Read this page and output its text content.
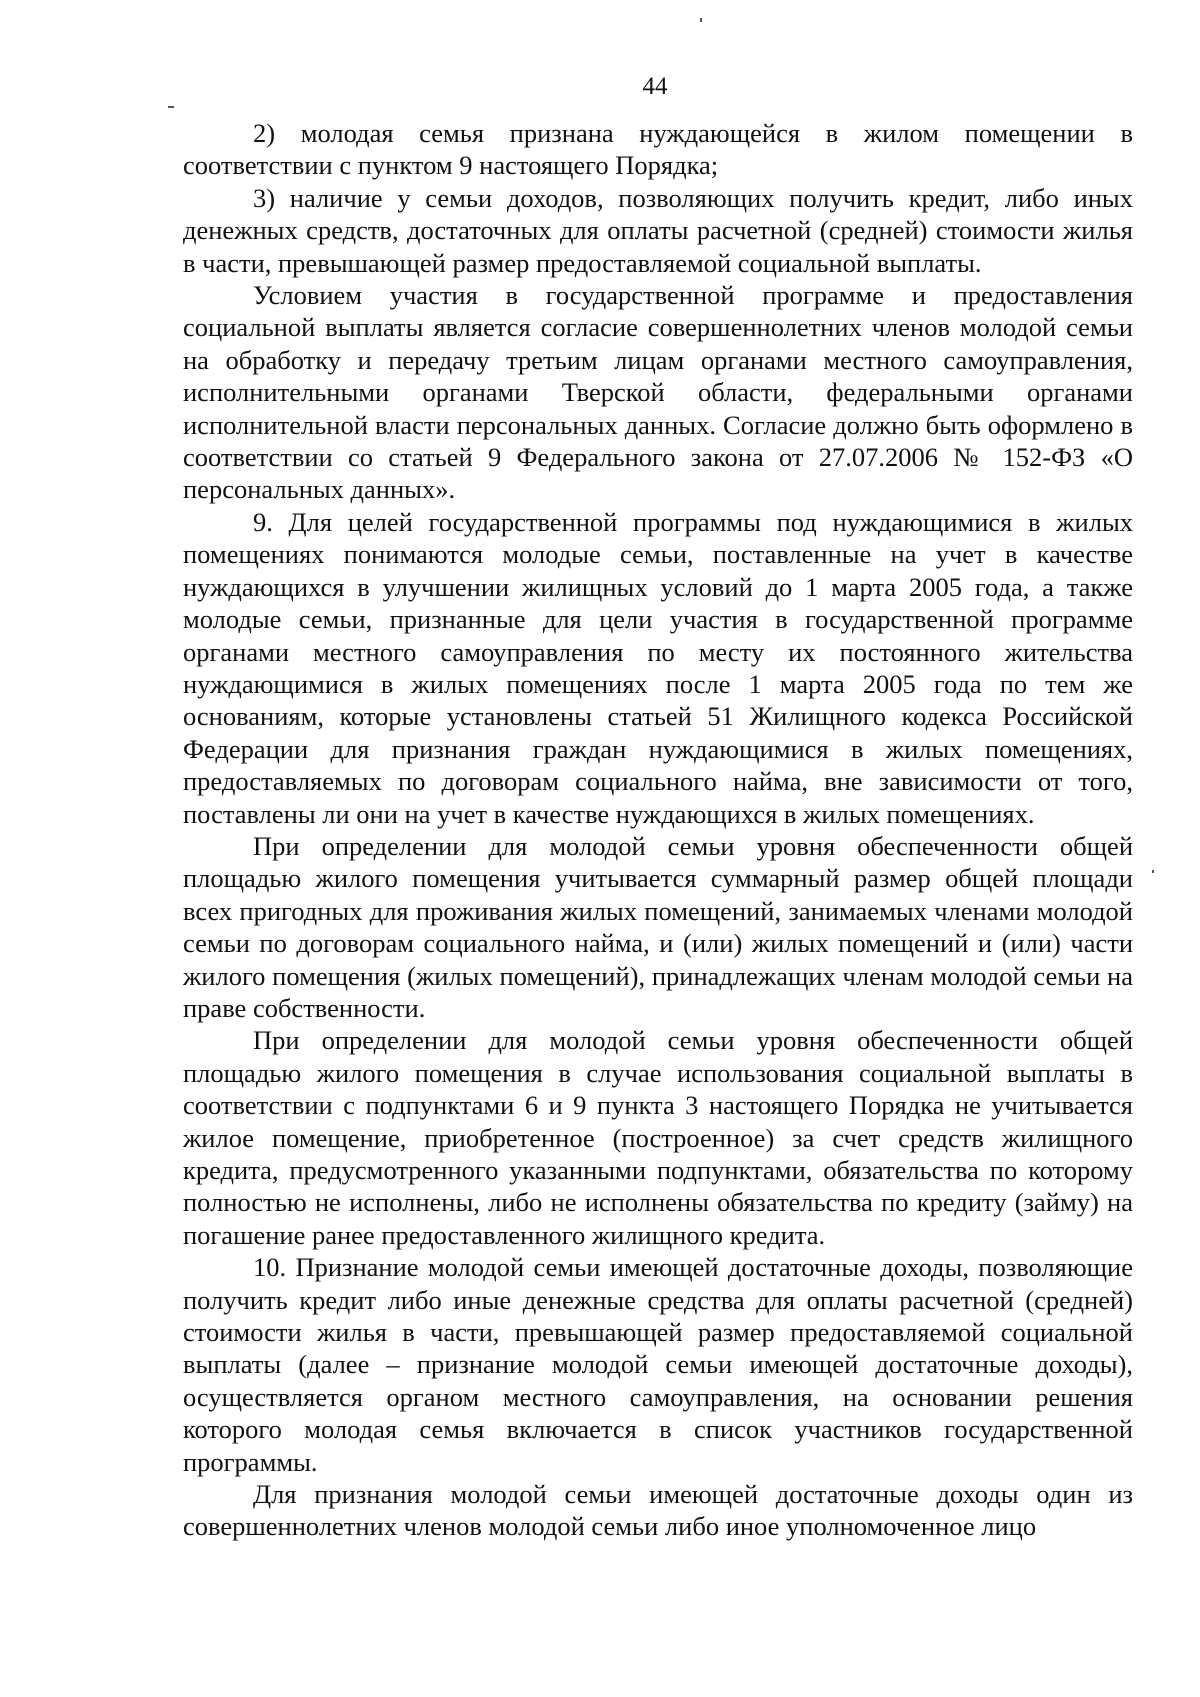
44

2) молодая семья признана нуждающейся в жилом помещении в соответствии с пунктом 9 настоящего Порядка;

3) наличие у семьи доходов, позволяющих получить кредит, либо иных денежных средств, достаточных для оплаты расчетной (средней) стоимости жилья в части, превышающей размер предоставляемой социальной выплаты.

Условием участия в государственной программе и предоставления социальной выплаты является согласие совершеннолетних членов молодой семьи на обработку и передачу третьим лицам органами местного самоуправления, исполнительными органами Тверской области, федеральными органами исполнительной власти персональных данных. Согласие должно быть оформлено в соответствии со статьей 9 Федерального закона от 27.07.2006 № 152-ФЗ «О персональных данных».

9. Для целей государственной программы под нуждающимися в жилых помещениях понимаются молодые семьи, поставленные на учет в качестве нуждающихся в улучшении жилищных условий до 1 марта 2005 года, а также молодые семьи, признанные для цели участия в государственной программе органами местного самоуправления по месту их постоянного жительства нуждающимися в жилых помещениях после 1 марта 2005 года по тем же основаниям, которые установлены статьей 51 Жилищного кодекса Российской Федерации для признания граждан нуждающимися в жилых помещениях, предоставляемых по договорам социального найма, вне зависимости от того, поставлены ли они на учет в качестве нуждающихся в жилых помещениях.

При определении для молодой семьи уровня обеспеченности общей площадью жилого помещения учитывается суммарный размер общей площади всех пригодных для проживания жилых помещений, занимаемых членами молодой семьи по договорам социального найма, и (или) жилых помещений и (или) части жилого помещения (жилых помещений), принадлежащих членам молодой семьи на праве собственности.

При определении для молодой семьи уровня обеспеченности общей площадью жилого помещения в случае использования социальной выплаты в соответствии с подпунктами 6 и 9 пункта 3 настоящего Порядка не учитывается жилое помещение, приобретенное (построенное) за счет средств жилищного кредита, предусмотренного указанными подпунктами, обязательства по которому полностью не исполнены, либо не исполнены обязательства по кредиту (займу) на погашение ранее предоставленного жилищного кредита.

10. Признание молодой семьи имеющей достаточные доходы, позволяющие получить кредит либо иные денежные средства для оплаты расчетной (средней) стоимости жилья в части, превышающей размер предоставляемой социальной выплаты (далее – признание молодой семьи имеющей достаточные доходы), осуществляется органом местного самоуправления, на основании решения которого молодая семья включается в список участников государственной программы.

Для признания молодой семьи имеющей достаточные доходы один из совершеннолетних членов молодой семьи либо иное уполномоченное лицо
